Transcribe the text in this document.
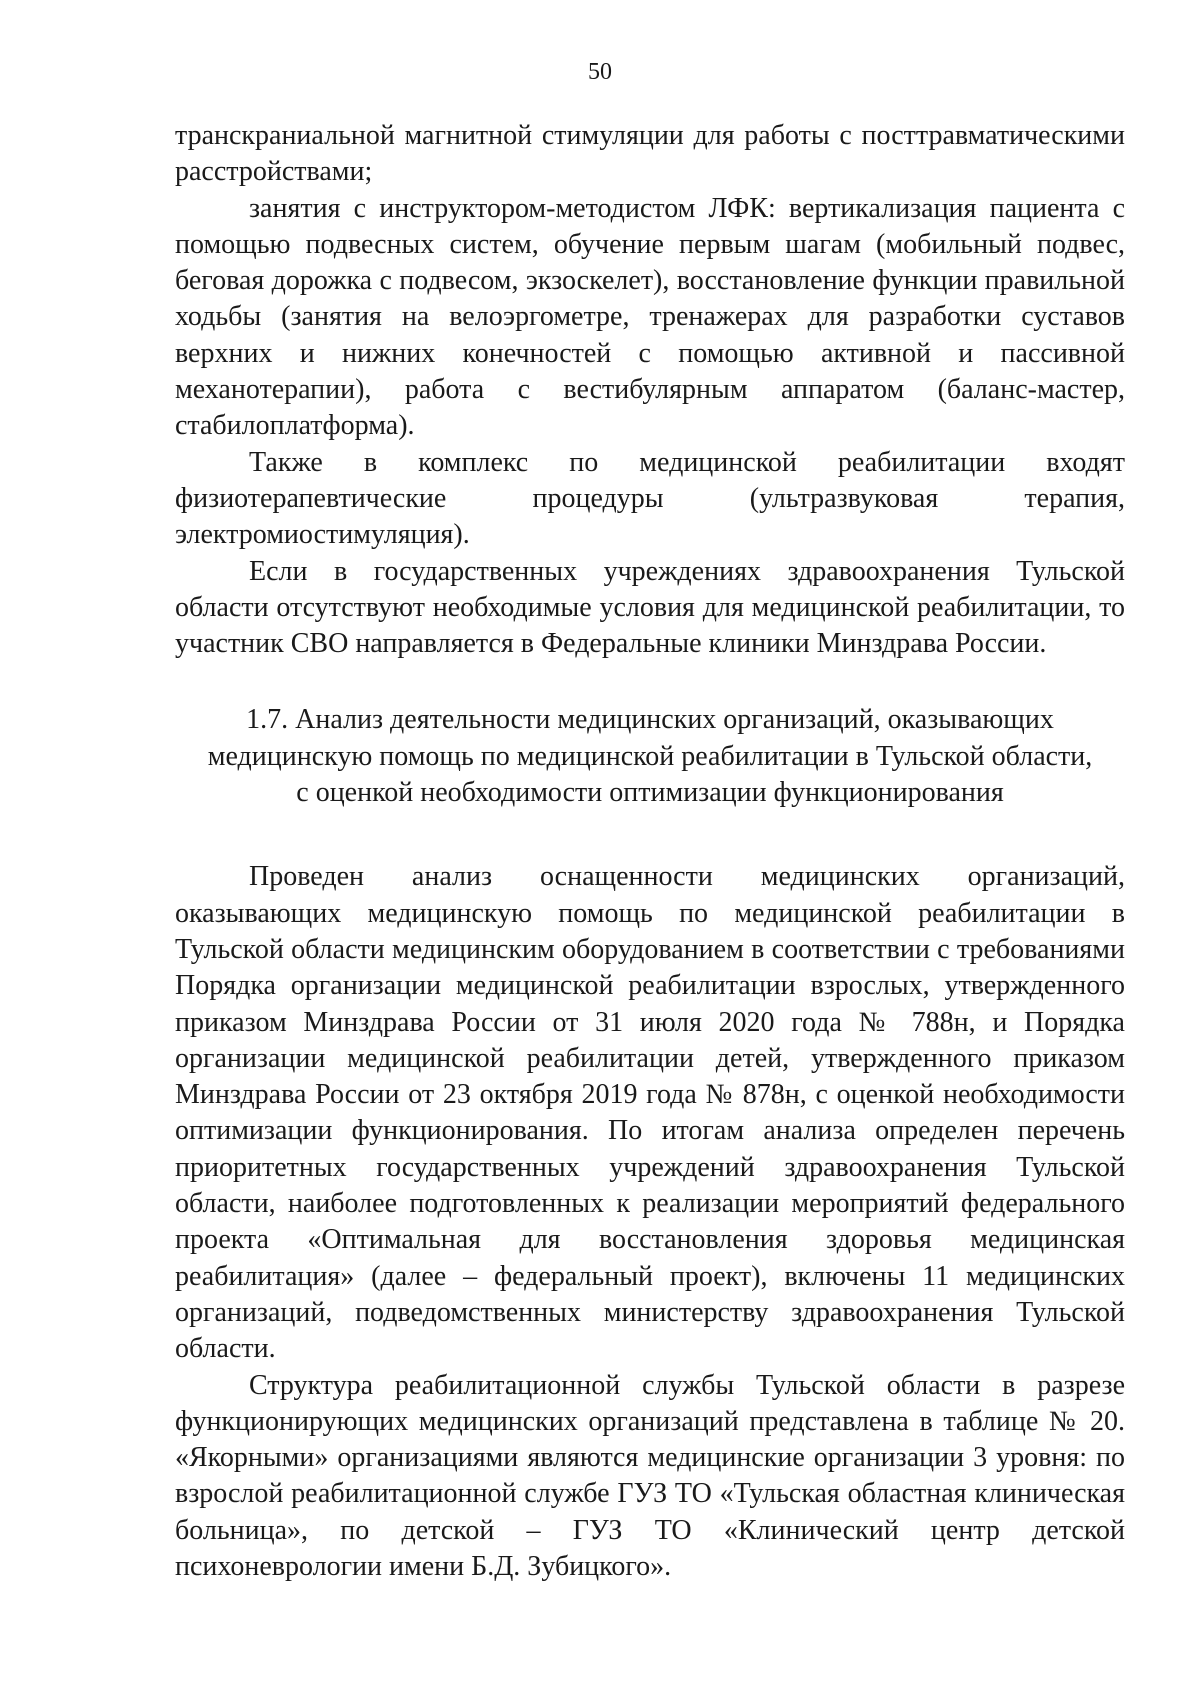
50

транскраниальной магнитной стимуляции для работы с посттравматическими расстройствами;

занятия с инструктором-методистом ЛФК: вертикализация пациента с помощью подвесных систем, обучение первым шагам (мобильный подвес, беговая дорожка с подвесом, экзоскелет), восстановление функции правильной ходьбы (занятия на велоэргометре, тренажерах для разработки суставов верхних и нижних конечностей с помощью активной и пассивной механотерапии), работа с вестибулярным аппаратом (баланс-мастер, стабилоплатформа).

Также в комплекс по медицинской реабилитации входят физиотерапевтические процедуры (ультразвуковая терапия, электромиостимуляция).

Если в государственных учреждениях здравоохранения Тульской области отсутствуют необходимые условия для медицинской реабилитации, то участник СВО направляется в Федеральные клиники Минздрава России.

1.7. Анализ деятельности медицинских организаций, оказывающих
медицинскую помощь по медицинской реабилитации в Тульской области,
с оценкой необходимости оптимизации функционирования

Проведен анализ оснащенности медицинских организаций, оказывающих медицинскую помощь по медицинской реабилитации в Тульской области медицинским оборудованием в соответствии с требованиями Порядка организации медицинской реабилитации взрослых, утвержденного приказом Минздрава России от 31 июля 2020 года № 788н, и Порядка организации медицинской реабилитации детей, утвержденного приказом Минздрава России от 23 октября 2019 года № 878н, с оценкой необходимости оптимизации функционирования. По итогам анализа определен перечень приоритетных государственных учреждений здравоохранения Тульской области, наиболее подготовленных к реализации мероприятий федерального проекта «Оптимальная для восстановления здоровья медицинская реабилитация» (далее – федеральный проект), включены 11 медицинских организаций, подведомственных министерству здравоохранения Тульской области.

Структура реабилитационной службы Тульской области в разрезе функционирующих медицинских организаций представлена в таблице № 20. «Якорными» организациями являются медицинские организации 3 уровня: по взрослой реабилитационной службе ГУЗ ТО «Тульская областная клиническая больница», по детской – ГУЗ ТО «Клинический центр детской психоневрологии имени Б.Д. Зубицкого».
